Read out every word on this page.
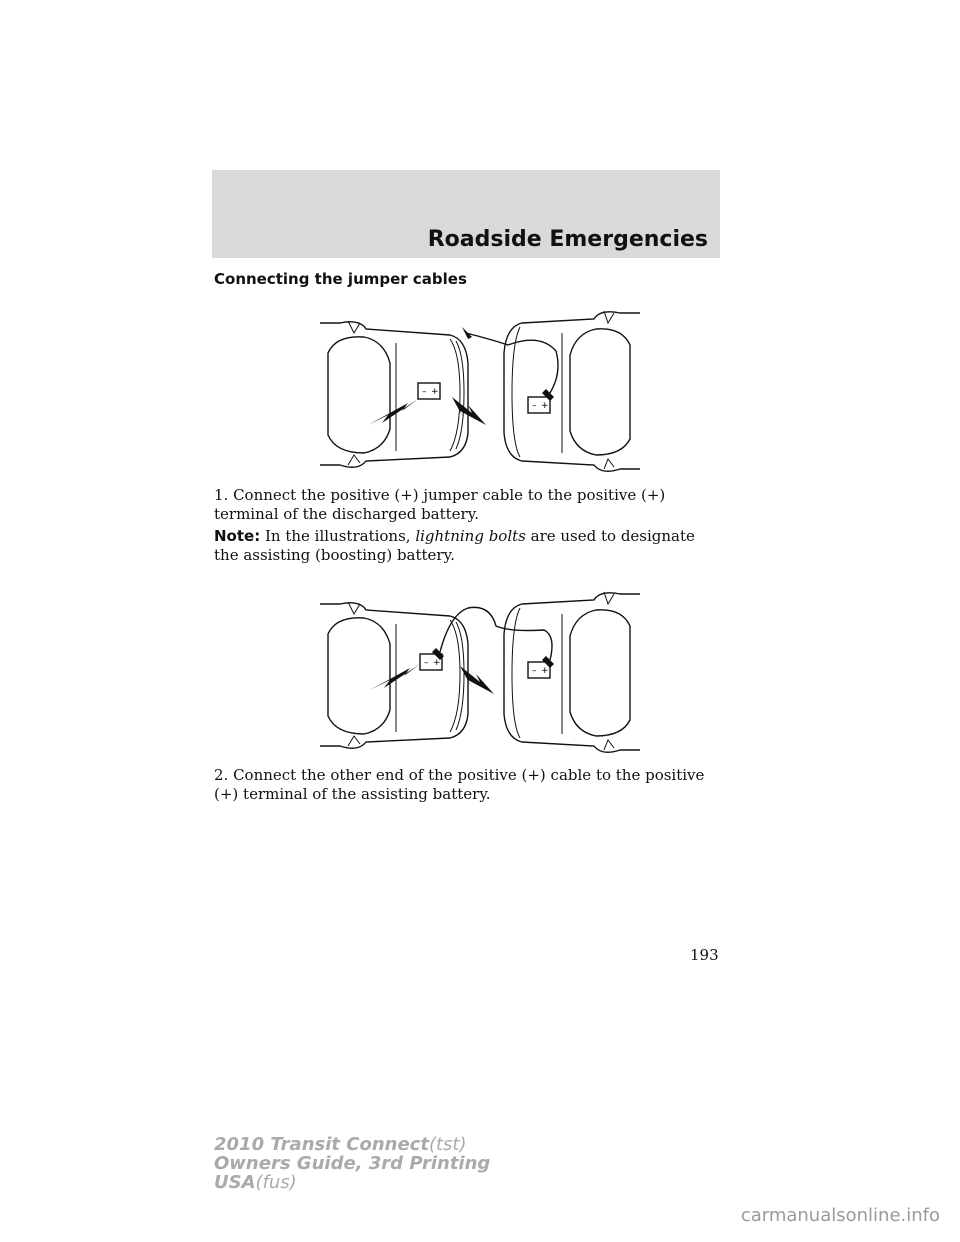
Roadside Emergencies
Connecting the jumper cables
– +
– +
1. Connect the positive (+) jumper cable to the positive (+) terminal of the discharged battery.
Note: In the illustrations, lightning bolts are used to designate the assisting (boosting) battery.
– +
– +
2. Connect the other end of the positive (+) cable to the positive (+) terminal of the assisting battery.
193
2010 Transit Connect(tst)
Owners Guide, 3rd Printing
USA(fus)
carmanualsonline.info
